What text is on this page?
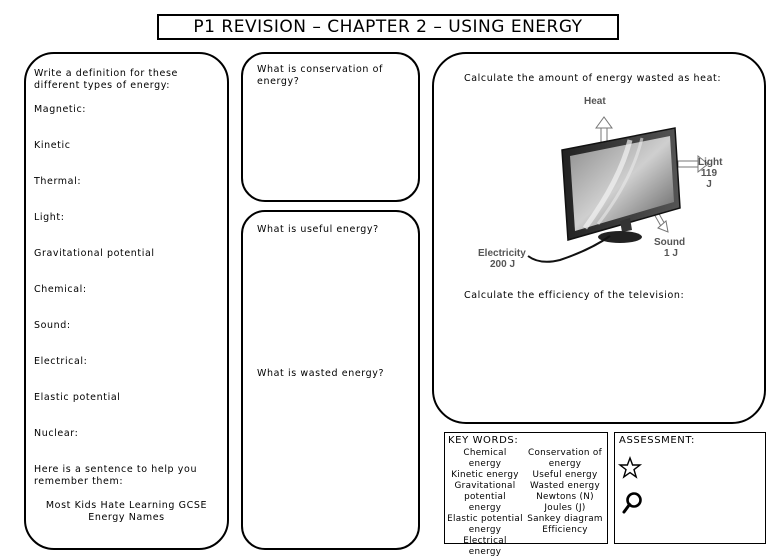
P1 REVISION – CHAPTER 2 – USING ENERGY
Write a definition for these
different types of energy:
Magnetic:
Kinetic
Thermal:
Light:
Gravitational potential
Chemical:
Sound:
Electrical:
Elastic potential
Nuclear:
Here is a sentence to help you
remember them:
Most Kids Hate Learning GCSE
Energy Names
What is conservation of
energy?
What is useful energy?
What is wasted energy?
Calculate the amount of energy wasted as heat:
Calculate the efficiency of the television:
Heat
Light
119 J
Sound
1 J
Electricity
200 J
KEY WORDS:
Chemical energy
Kinetic energy
Gravitational
potential energy
Elastic potential
energy
Electrical energy
Conservation of
energy
Useful energy
Wasted energy
Newtons (N)
Joules (J)
Sankey diagram
Efficiency
ASSESSMENT:
